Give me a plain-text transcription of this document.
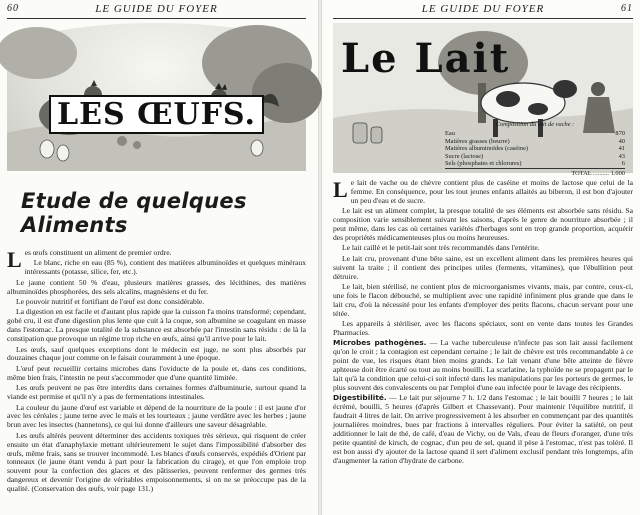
60	LE GUIDE DU FOYER
LES ŒUFS.
Etude de quelques Aliments

Les œufs constituent un aliment de premier ordre.

Le blanc, riche en eau (85 %), contient des matières albuminoïdes et quelques minéraux intéressants (potasse, silice, fer, etc.).

Le jaune contient 50 % d'eau, plusieurs matières grasses, des lécithines, des matières albuminoïdes phosphorées, des sels alcalins, magnésiens et du fer.

Le pouvoir nutritif et fortifiant de l'œuf est donc considérable.

La digestion en est facile et d'autant plus rapide que la cuisson l'a moins transformé; cependant, gobé cru, il est d'une digestion plus lente que cuit à la coque, son albumine se coagulant en masse dans l'estomac. La presque totalité de la substance est absorbée par l'intestin sans résidu : de là la constipation que provoque un régime trop riche en œufs, ainsi qu'il arrive pour le lait.

Les œufs, sauf quelques exceptions dont le médecin est juge, ne sont plus absorbés par douzaines chaque jour comme on le faisait couramment à une époque.

L'œuf peut recueillir certains microbes dans l'oviducte de la poule et, dans ces conditions, même bien frais, l'intestin ne peut s'accommoder que d'une quantité limitée.

Les œufs peuvent ne pas être interdits dans certaines formes d'albuminurie, surtout quand la viande est permise et qu'il n'y a pas de fermentations intestinales.

La couleur du jaune d'œuf est variable et dépend de la nourriture de la poule : il est jaune d'or avec les céréales ; jaune terne avec le maïs et les tourteaux ; jaune verdâtre avec les herbes ; jaune brun avec les insectes (hannetons), ce qui lui donne d'ailleurs une saveur désagréable.

Les œufs altérés peuvent déterminer des accidents toxiques très sérieux, qui risquent de créer ensuite un état d'anaphylaxie mettant ultérieurement le sujet dans l'impossibilité d'absorber des œufs, même frais, sans se trouver incommodé. Les blancs d'œufs conservés, expédiés d'Orient par tonneaux (le jaune étant vendu à part pour la fabrication du cirage), et que l'on emploie trop souvent pour la confection des glaces et des pâtisseries, peuvent renfermer des germes très dangereux et devenir l'origine de véritables empoisonnements, si on ne se préoccupe pas de la qualité. (Conservation des œufs, voir page 131.)

LE GUIDE DU FOYER	61
Le Lait
Composition du lait de vache :
Eau	870
Matières grasses (beurre)	40
Matières albuminoïdes (caséine)	41
Sucre (lactose)	43
Sels (phosphates et chlorures)	6
TOTAL .......... 1.000

Le lait de vache ou de chèvre contient plus de caséine et moins de lactose que celui de la femme. En conséquence, pour les tout jeunes enfants allaités au biberon, il est bon d'ajouter un peu d'eau et de sucre.

Le lait est un aliment complet, la presque totalité de ses éléments est absorbée sans résidu. Sa composition varie sensiblement suivant les saisons, d'après le genre de nourriture absorbée ; il peut même, dans les cas où certaines variétés d'herbages sont en trop grande proportion, acquérir des propriétés médicamenteuses plus ou moins heureuses.

Le lait caillé et le petit-lait sont très recommandés dans l'entérite.

Le lait cru, provenant d'une bête saine, est un excellent aliment dans les premières heures qui suivent la traite ; il contient des principes utiles (ferments, vitamines), que l'ébullition peut détruire.

Le lait, bien stérilisé, ne contient plus de microorganismes vivants, mais, par contre, ceux-ci, une fois le flacon débouché, se multiplient avec une rapidité infiniment plus grande que dans le lait cru, d'où la nécessité pour les enfants d'employer des petits flacons, chacun servant pour une tétée.

Les appareils à stériliser, avec les flacons spéciaux, sont en vente dans toutes les Grandes Pharmacies.

Microbes pathogènes. — La vache tuberculeuse n'infecte pas son lait aussi facilement qu'on le croit ; la contagion est cependant certaine ; le lait de chèvre est très recommandable à ce point de vue, les risques étant bien moins grands. Le lait venant d'une bête atteinte de fièvre aphteuse doit être écarté ou tout au moins bouilli. La scarlatine, la typhoïde ne se propagent par le lait qu'à la condition que celui-ci soit infecté dans les manipulations par les porteurs de germes, le plus souvent des convalescents ou par l'emploi d'une eau infectée pour le lavage des récipients.

Digestibilité. — Le lait pur séjourne 7 h. 1/2 dans l'estomac ; le lait bouilli 7 heures ; le lait écrémé, bouilli, 5 heures (d'après Gilbert et Chassevant). Pour maintenir l'équilibre nutritif, il faudrait 4 litres de lait. On arrive progressivement à les absorber en commençant par des quantités journalières moindres, bues par fractions à intervalles réguliers. Pour éviter la satiété, on peut additionner le lait de thé, de café, d'eau de Vichy, ou de Vals, d'eau de fleurs d'oranger, d'une très petite quantité de kirsch, de cognac, d'un peu de sel, quand il pèse à l'estomac, n'est pas toléré. Il est bon aussi d'y ajouter de la lactose quand il sert d'aliment exclusif pendant très longtemps, afin d'augmenter la ration d'hydrate de carbone.
